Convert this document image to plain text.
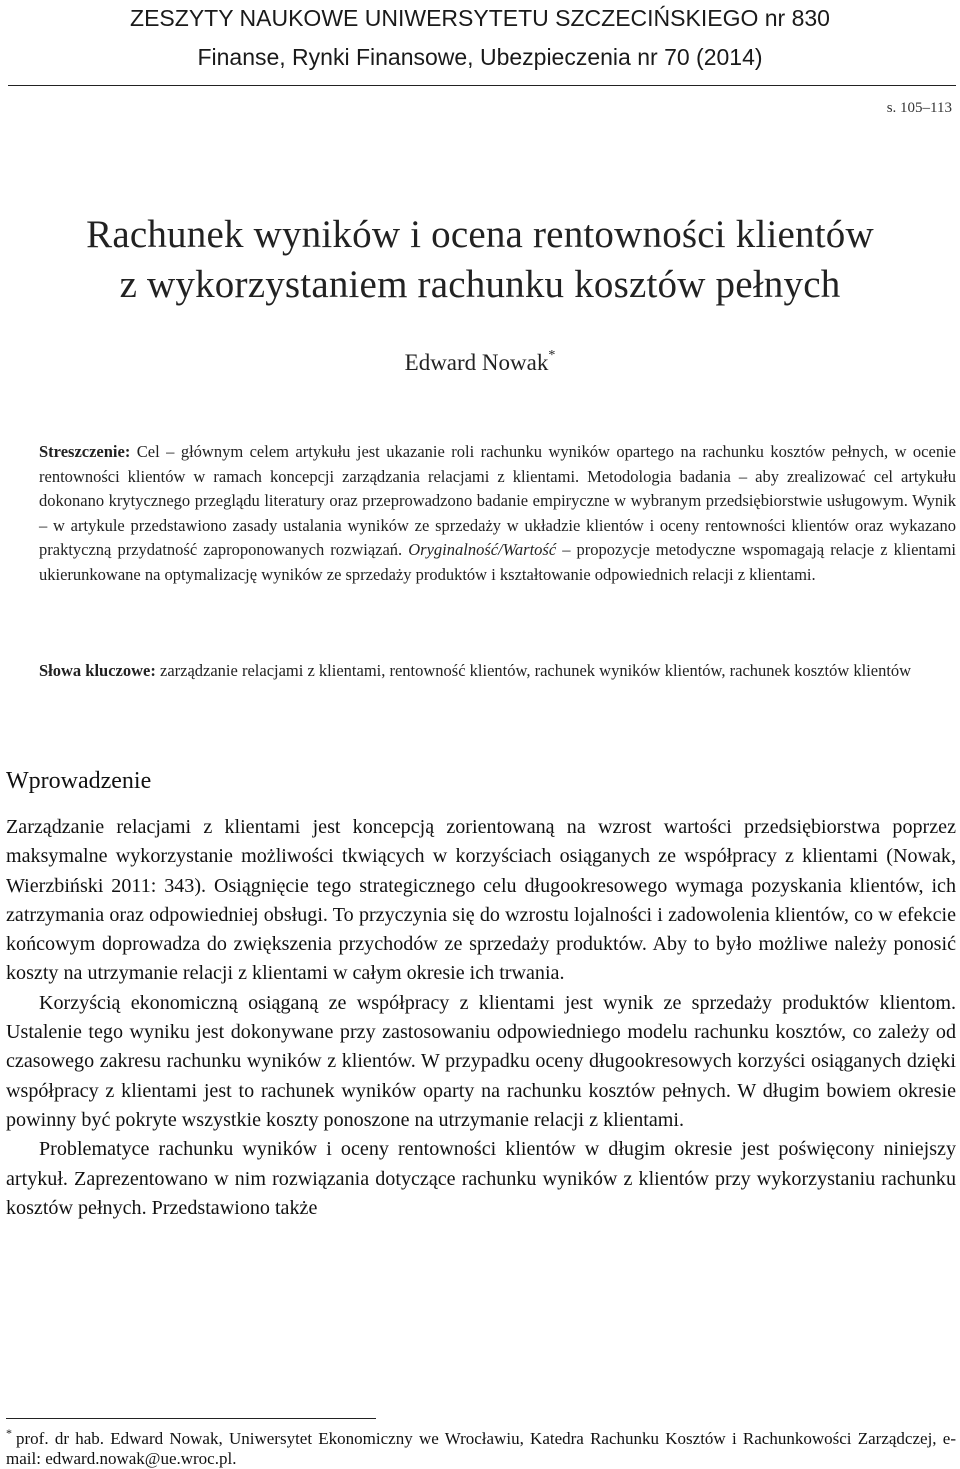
ZESZYTY NAUKOWE UNIWERSYTETU SZCZECIŃSKIEGO nr 830
Finanse, Rynki Finansowe, Ubezpieczenia nr 70 (2014)
s. 105–113
Rachunek wyników i ocena rentowności klientów
z wykorzystaniem rachunku kosztów pełnych
Edward Nowak*

Streszczenie: Cel – głównym celem artykułu jest ukazanie roli rachunku wyników opartego na rachunku kosztów pełnych, w ocenie rentowności klientów w ramach koncepcji zarządzania relacjami z klientami. Metodologia badania – aby zrealizować cel artykułu dokonano krytycznego przeglądu literatury oraz przeprowadzono badanie empiryczne w wybranym przedsiębiorstwie usługowym. Wynik – w artykule przedstawiono zasady ustalania wyników ze sprzedaży w układzie klientów i oceny rentowności klientów oraz wykazano praktyczną przydatność zaproponowanych rozwiązań. Oryginalność/Wartość – propozycje metodyczne wspomagają relacje z klientami ukierunkowane na optymalizację wyników ze sprzedaży produktów i kształtowanie odpowiednich relacji z klientami.

Słowa kluczowe: zarządzanie relacjami z klientami, rentowność klientów, rachunek wyników klientów, rachunek kosztów klientów
Wprowadzenie

Zarządzanie relacjami z klientami jest koncepcją zorientowaną na wzrost wartości przedsiębiorstwa poprzez maksymalne wykorzystanie możliwości tkwiących w korzyściach osiąganych ze współpracy z klientami (Nowak, Wierzbiński 2011: 343). Osiągnięcie tego strategicznego celu długookresowego wymaga pozyskania klientów, ich zatrzymania oraz odpowiedniej obsługi. To przyczynia się do wzrostu lojalności i zadowolenia klientów, co w efekcie końcowym doprowadza do zwiększenia przychodów ze sprzedaży produktów. Aby to było możliwe należy ponosić koszty na utrzymanie relacji z klientami w całym okresie ich trwania.

Korzyścią ekonomiczną osiąganą ze współpracy z klientami jest wynik ze sprzedaży produktów klientom. Ustalenie tego wyniku jest dokonywane przy zastosowaniu odpowiedniego modelu rachunku kosztów, co zależy od czasowego zakresu rachunku wyników z klientów. W przypadku oceny długookresowych korzyści osiąganych dzięki współpracy z klientami jest to rachunek wyników oparty na rachunku kosztów pełnych. W długim bowiem okresie powinny być pokryte wszystkie koszty ponoszone na utrzymanie relacji z klientami.

Problematyce rachunku wyników i oceny rentowności klientów w długim okresie jest poświęcony niniejszy artykuł. Zaprezentowano w nim rozwiązania dotyczące rachunku wyników z klientów przy wykorzystaniu rachunku kosztów pełnych. Przedstawiono także

* prof. dr hab. Edward Nowak, Uniwersytet Ekonomiczny we Wrocławiu, Katedra Rachunku Kosztów i Rachunkowości Zarządczej, e-mail: edward.nowak@ue.wroc.pl.
